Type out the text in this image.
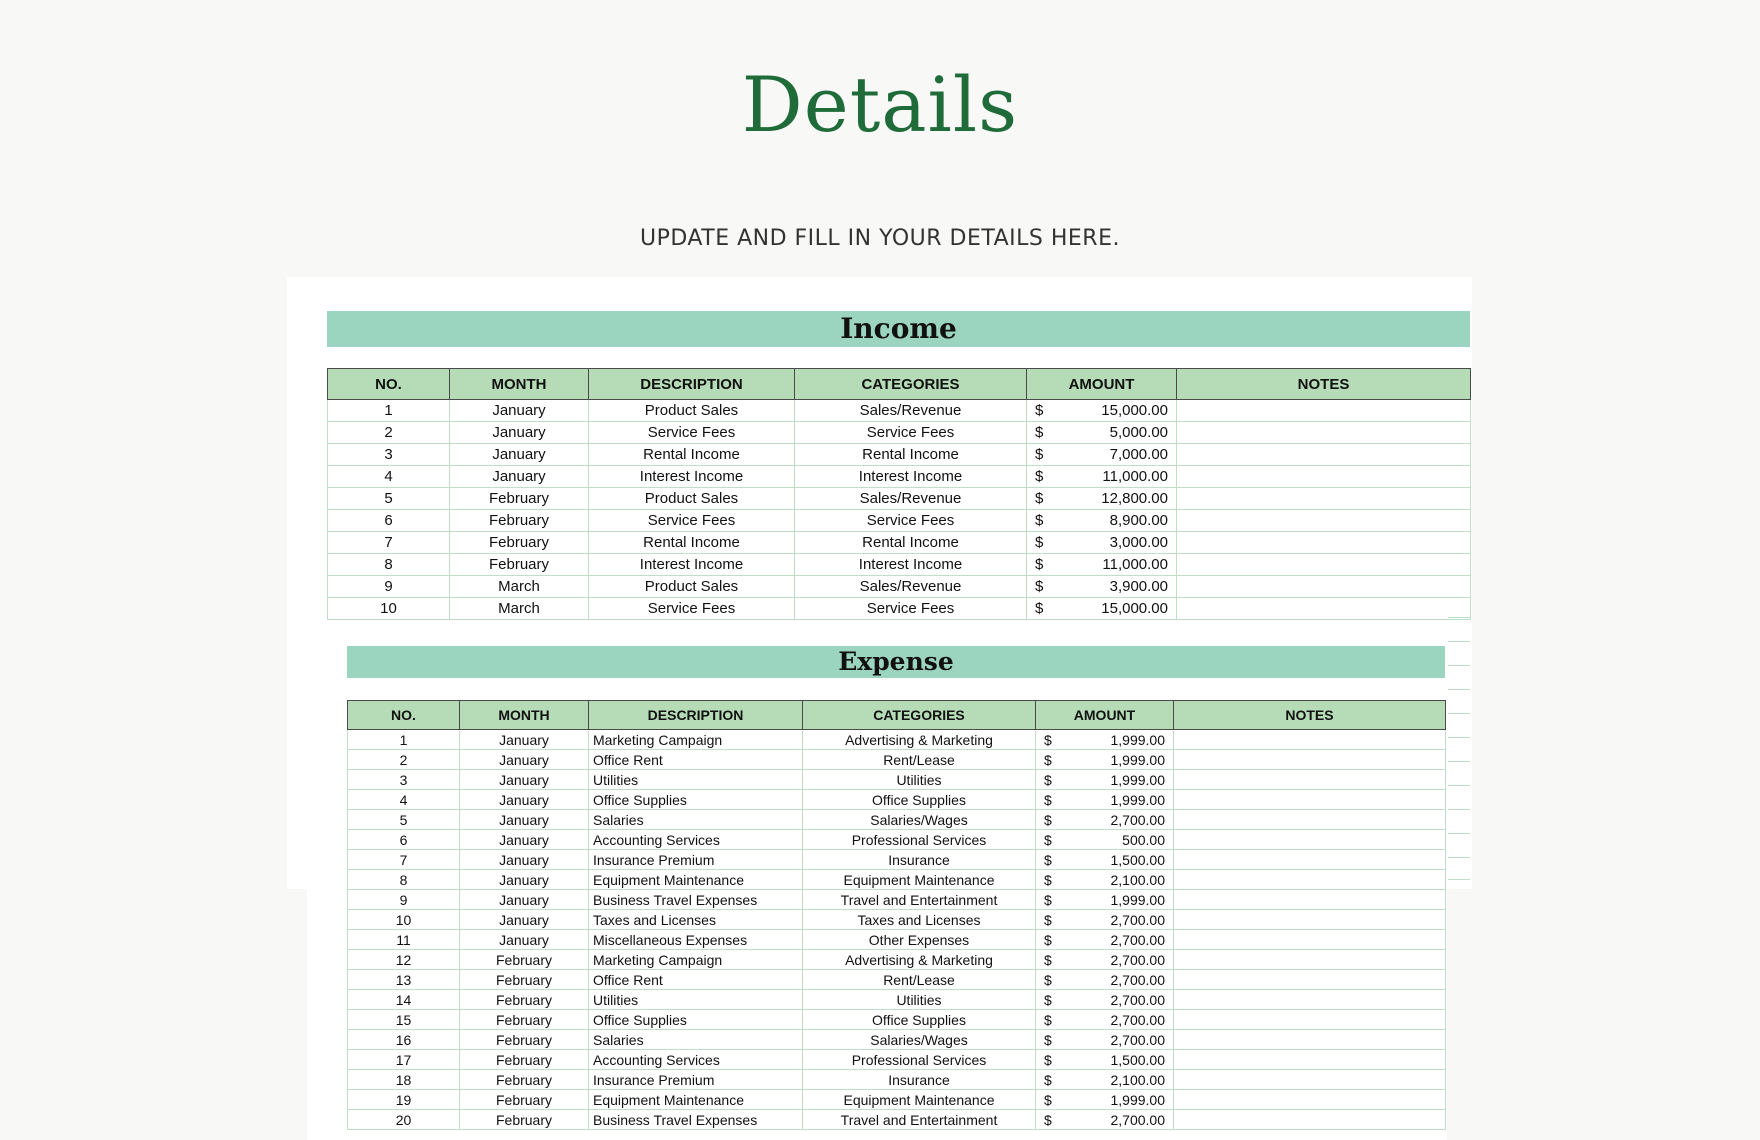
Details
UPDATE AND FILL IN YOUR DETAILS HERE.
Income
NO.	MONTH	DESCRIPTION	CATEGORIES	AMOUNT	NOTES
1	January	Product Sales	Sales/Revenue	$ 15,000.00	

2	January	Service Fees	Service Fees	$ 5,000.00	

3	January	Rental Income	Rental Income	$ 7,000.00	

4	January	Interest Income	Interest Income	$ 11,000.00	

5	February	Product Sales	Sales/Revenue	$ 12,800.00	

6	February	Service Fees	Service Fees	$ 8,900.00	

7	February	Rental Income	Rental Income	$ 3,000.00	

8	February	Interest Income	Interest Income	$ 11,000.00	

9	March	Product Sales	Sales/Revenue	$ 3,900.00	

10	March	Service Fees	Service Fees	$ 15,000.00	

Expense
NO.	MONTH	DESCRIPTION	CATEGORIES	AMOUNT	NOTES
1	January	Marketing Campaign	Advertising & Marketing	$ 1,999.00	

2	January	Office Rent	Rent/Lease	$ 1,999.00	

3	January	Utilities	Utilities	$ 1,999.00	

4	January	Office Supplies	Office Supplies	$ 1,999.00	

5	January	Salaries	Salaries/Wages	$ 2,700.00	

6	January	Accounting Services	Professional Services	$ 500.00	

7	January	Insurance Premium	Insurance	$ 1,500.00	

8	January	Equipment Maintenance	Equipment Maintenance	$ 2,100.00	

9	January	Business Travel Expenses	Travel and Entertainment	$ 1,999.00	

10	January	Taxes and Licenses	Taxes and Licenses	$ 2,700.00	

11	January	Miscellaneous Expenses	Other Expenses	$ 2,700.00	

12	February	Marketing Campaign	Advertising & Marketing	$ 2,700.00	

13	February	Office Rent	Rent/Lease	$ 2,700.00	

14	February	Utilities	Utilities	$ 2,700.00	

15	February	Office Supplies	Office Supplies	$ 2,700.00	

16	February	Salaries	Salaries/Wages	$ 2,700.00	

17	February	Accounting Services	Professional Services	$ 1,500.00	

18	February	Insurance Premium	Insurance	$ 2,100.00	

19	February	Equipment Maintenance	Equipment Maintenance	$ 1,999.00	

20	February	Business Travel Expenses	Travel and Entertainment	$ 2,700.00	
